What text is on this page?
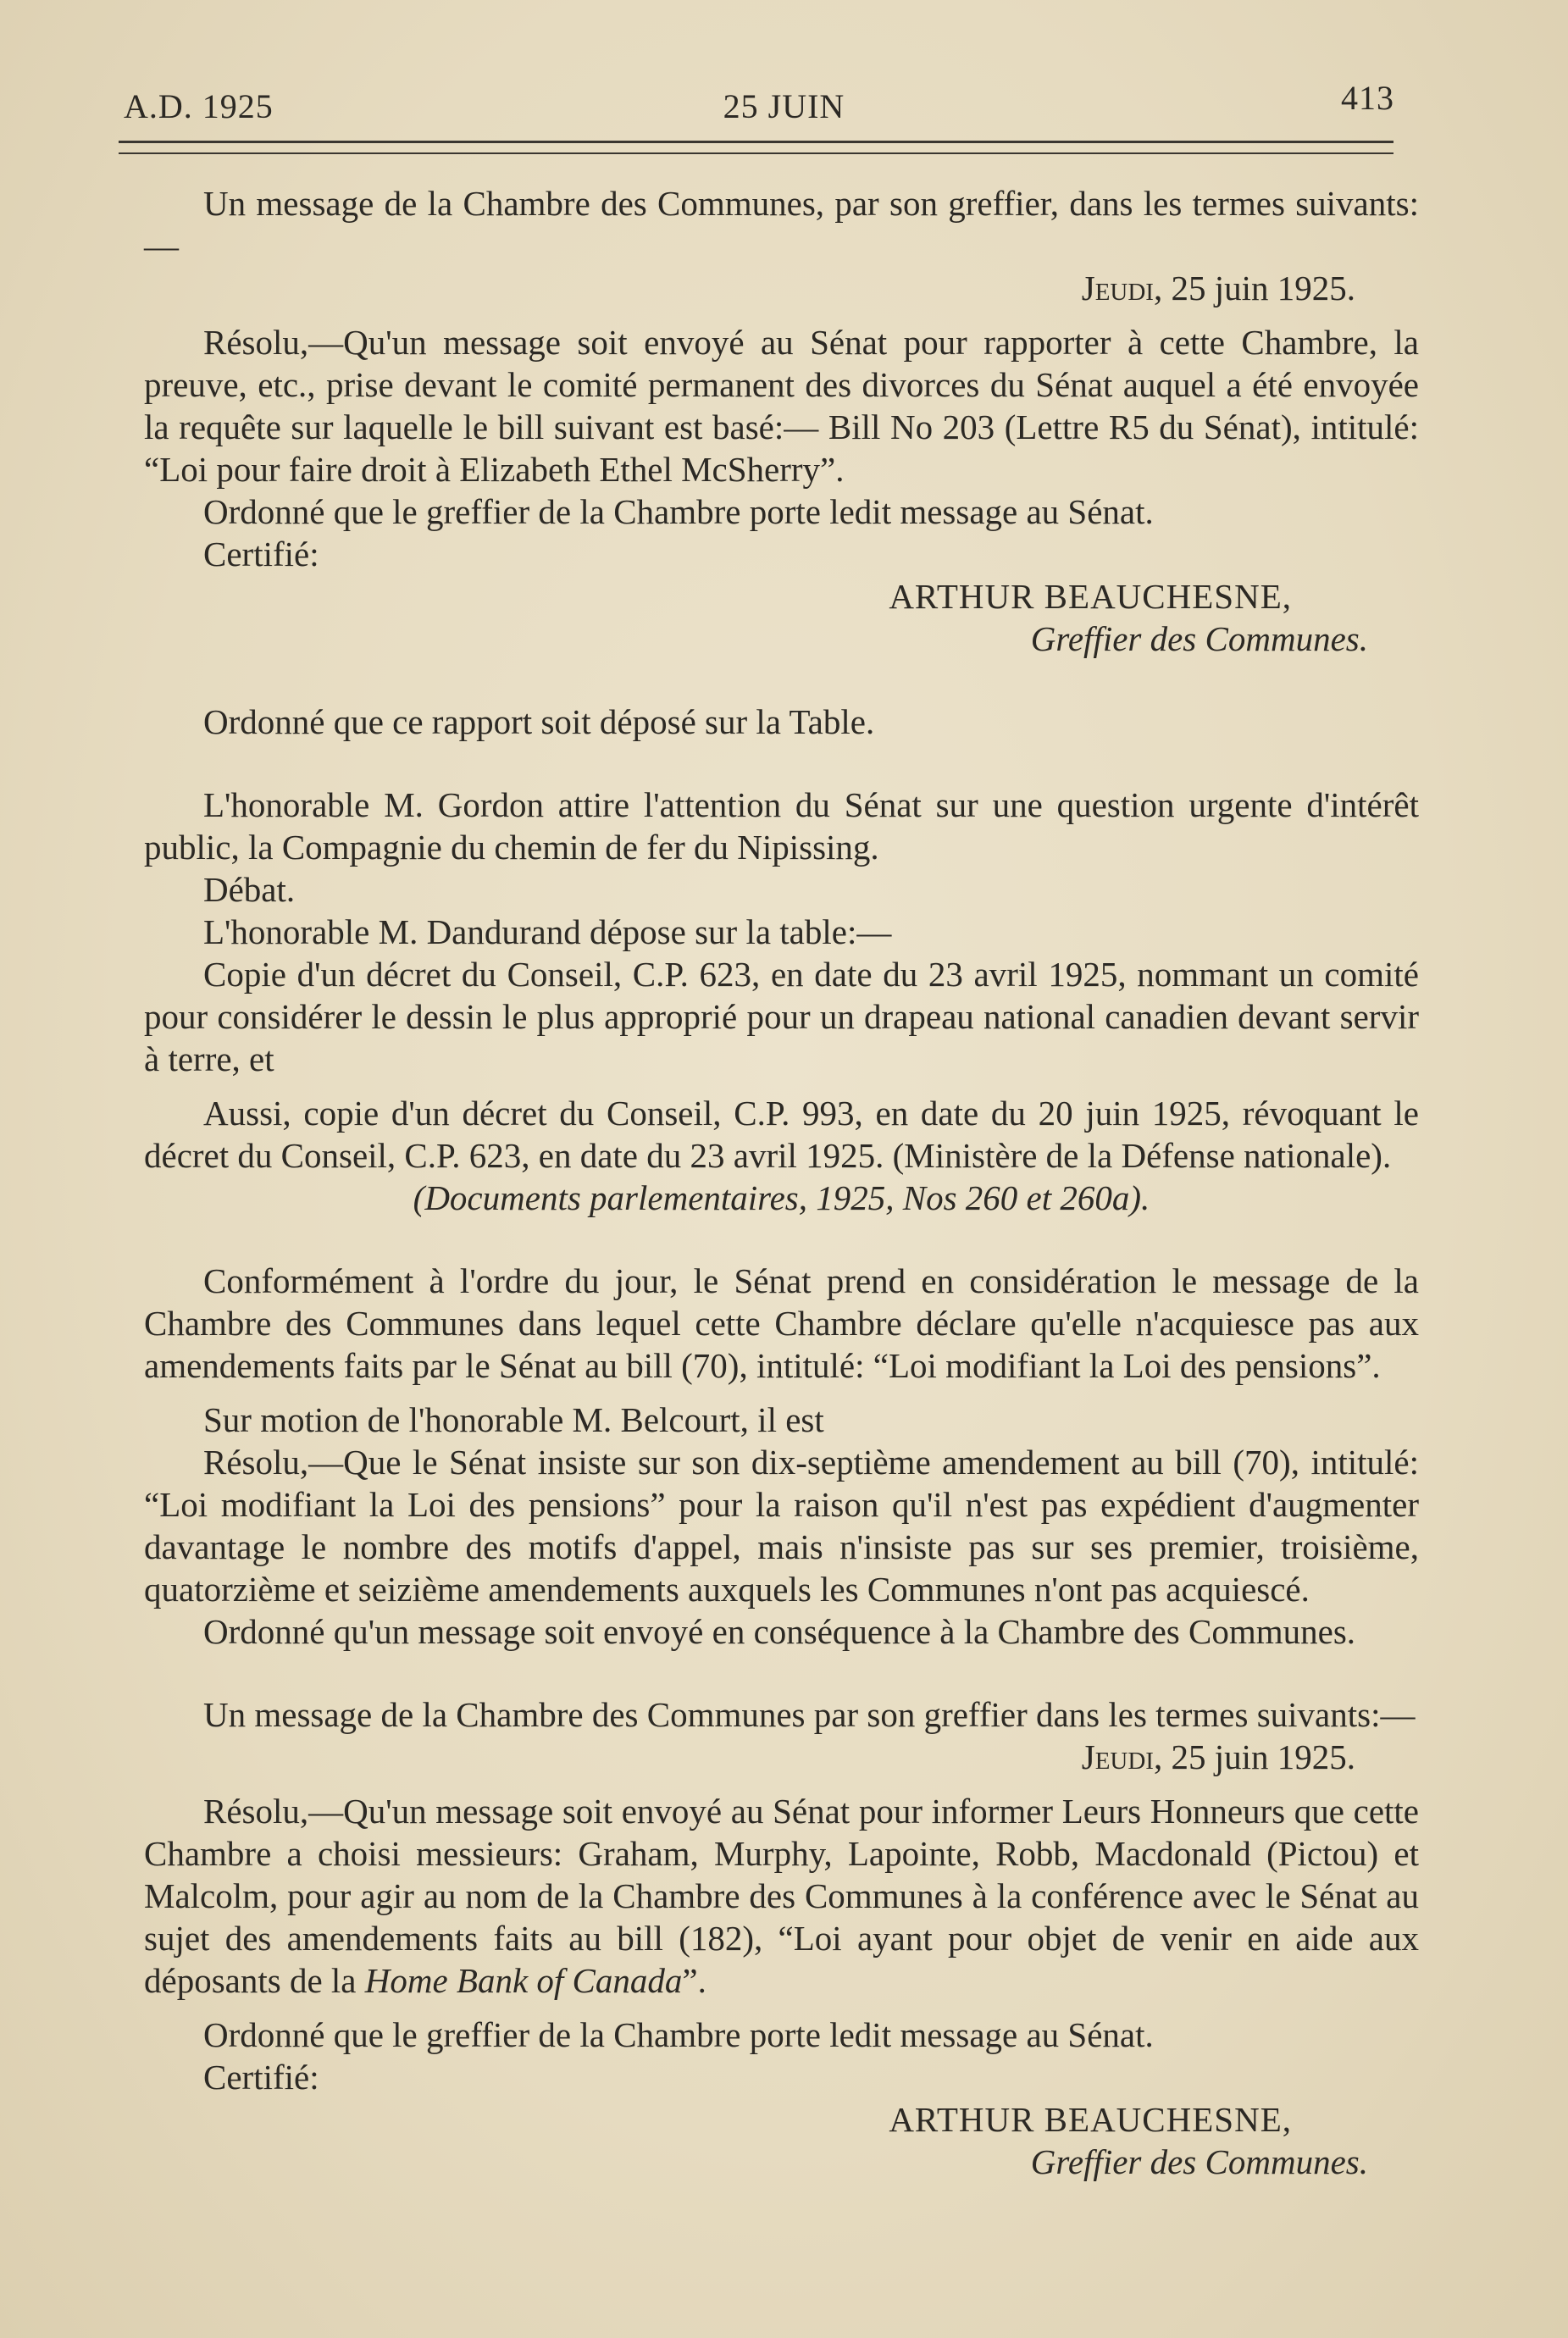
A.D. 1925	25 JUIN	413

Un message de la Chambre des Communes, par son greffier, dans les termes suivants:—

Jeudi, 25 juin 1925.

Résolu,—Qu'un message soit envoyé au Sénat pour rapporter à cette Chambre, la preuve, etc., prise devant le comité permanent des divorces du Sénat auquel a été envoyée la requête sur laquelle le bill suivant est basé:— Bill No 203 (Lettre R5 du Sénat), intitulé: “Loi pour faire droit à Elizabeth Ethel McSherry”.

Ordonné que le greffier de la Chambre porte ledit message au Sénat.

Certifié:

ARTHUR BEAUCHESNE,

Greffier des Communes.

Ordonné que ce rapport soit déposé sur la Table.

L'honorable M. Gordon attire l'attention du Sénat sur une question urgente d'intérêt public, la Compagnie du chemin de fer du Nipissing.

Débat.

L'honorable M. Dandurand dépose sur la table:—

Copie d'un décret du Conseil, C.P. 623, en date du 23 avril 1925, nommant un comité pour considérer le dessin le plus approprié pour un drapeau national canadien devant servir à terre, et

Aussi, copie d'un décret du Conseil, C.P. 993, en date du 20 juin 1925, révoquant le décret du Conseil, C.P. 623, en date du 23 avril 1925. (Ministère de la Défense nationale).

(Documents parlementaires, 1925, Nos 260 et 260a).

Conformément à l'ordre du jour, le Sénat prend en considération le message de la Chambre des Communes dans lequel cette Chambre déclare qu'elle n'acquiesce pas aux amendements faits par le Sénat au bill (70), intitulé: “Loi modifiant la Loi des pensions”.

Sur motion de l'honorable M. Belcourt, il est

Résolu,—Que le Sénat insiste sur son dix-septième amendement au bill (70), intitulé: “Loi modifiant la Loi des pensions” pour la raison qu'il n'est pas expédient d'augmenter davantage le nombre des motifs d'appel, mais n'insiste pas sur ses premier, troisième, quatorzième et seizième amendements auxquels les Communes n'ont pas acquiescé.

Ordonné qu'un message soit envoyé en conséquence à la Chambre des Communes.

Un message de la Chambre des Communes par son greffier dans les termes suivants:—

Jeudi, 25 juin 1925.

Résolu,—Qu'un message soit envoyé au Sénat pour informer Leurs Honneurs que cette Chambre a choisi messieurs: Graham, Murphy, Lapointe, Robb, Macdonald (Pictou) et Malcolm, pour agir au nom de la Chambre des Communes à la conférence avec le Sénat au sujet des amendements faits au bill (182), “Loi ayant pour objet de venir en aide aux déposants de la Home Bank of Canada”.

Ordonné que le greffier de la Chambre porte ledit message au Sénat.

Certifié:

ARTHUR BEAUCHESNE,

Greffier des Communes.
